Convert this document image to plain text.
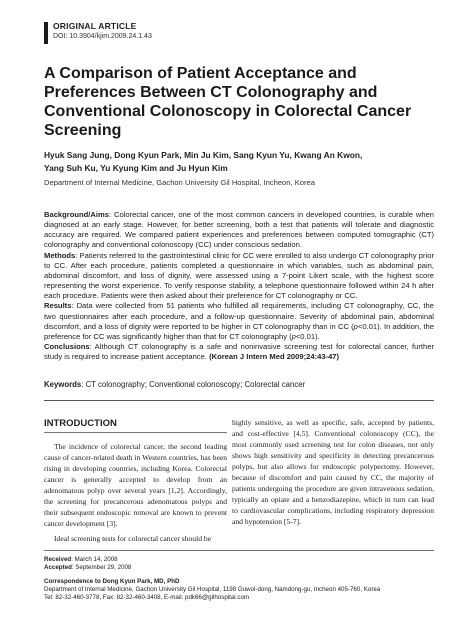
ORIGINAL ARTICLE
DOI: 10.3904/kjim.2009.24.1.43
A Comparison of Patient Acceptance and Preferences Between CT Colonography and Conventional Colonoscopy in Colorectal Cancer Screening
Hyuk Sang Jung, Dong Kyun Park, Min Ju Kim, Sang Kyun Yu, Kwang An Kwon,
Yang Suh Ku, Yu Kyung Kim and Ju Hyun Kim
Department of Internal Medicine, Gachon University Gil Hospital, Incheon, Korea

Background/Aims: Colorectal cancer, one of the most common cancers in developed countries, is curable when diagnosed at an early stage. However, for better screening, both a test that patients will tolerate and diagnostic accuracy are required. We compared patient experiences and preferences between computed tomographic (CT) colonography and conventional colonoscopy (CC) under conscious sedation.

Methods: Patients referred to the gastrointestinal clinic for CC were enrolled to also undergo CT colonography prior to CC. After each procedure, patients completed a questionnaire in which variables, such as abdominal pain, abdominal discomfort, and loss of dignity, were assessed using a 7-point Likert scale, with the highest score representing the worst experience. To verify response stability, a telephone questionnaire followed within 24 h after each procedure. Patients were then asked about their preference for CT colonography or CC.

Results: Data were collected from 51 patients who fulfilled all requirements, including CT colonography, CC, the two questionnaires after each procedure, and a follow-up questionnaire. Severity of abdominal pain, abdominal discomfort, and a loss of dignity were reported to be higher in CT colonography than in CC (p<0.01). In addition, the preference for CC was significantly higher than that for CT colonography (p<0.01).

Conclusions: Although CT colonography is a safe and noninvasive screening test for colorectal cancer, further study is required to increase patient acceptance. (Korean J Intern Med 2009;24:43-47)

Keywords: CT colonography; Conventional colonoscopy; Colorectal cancer
INTRODUCTION

The incidence of colorectal cancer, the second leading cause of cancer-related death in Western countries, has been rising in developing countries, including Korea. Colorectal cancer is generally accepted to develop from an adenomatous polyp over several years [1,2]. Accordingly, the screening for precancerous adenomatous polyps and their subsequent endoscopic removal are known to prevent cancer development [3].

Ideal screening tests for colorectal cancer should be

highly sensitive, as well as specific, safe, accepted by patients, and cost-effective [4,5]. Conventional colonoscopy (CC), the most commonly used screening test for colon diseases, not only shows high sensitivity and specificity in detecting precancerous polyps, but also allows for endoscopic polypectomy. However, because of discomfort and pain caused by CC, the majority of patients undergoing the procedure are given intravenous sedation, typically an opiate and a benzodiazepine, which in turn can lead to cardiovascular complications, including respiratory depression and hypotension [5-7].

Received: March 14, 2008

Accepted: September 29, 2008

Correspondence to Dong Kyun Park, MD, PhD

Department of Internal Medicine, Gachon University Gil Hospital, 1198 Guwol-dong, Namdong-gu, Incheon 405-760, Korea

Tel: 82-32-460-3778, Fax: 82-32-460-3408, E-mail: pdk66@gilhospital.com
